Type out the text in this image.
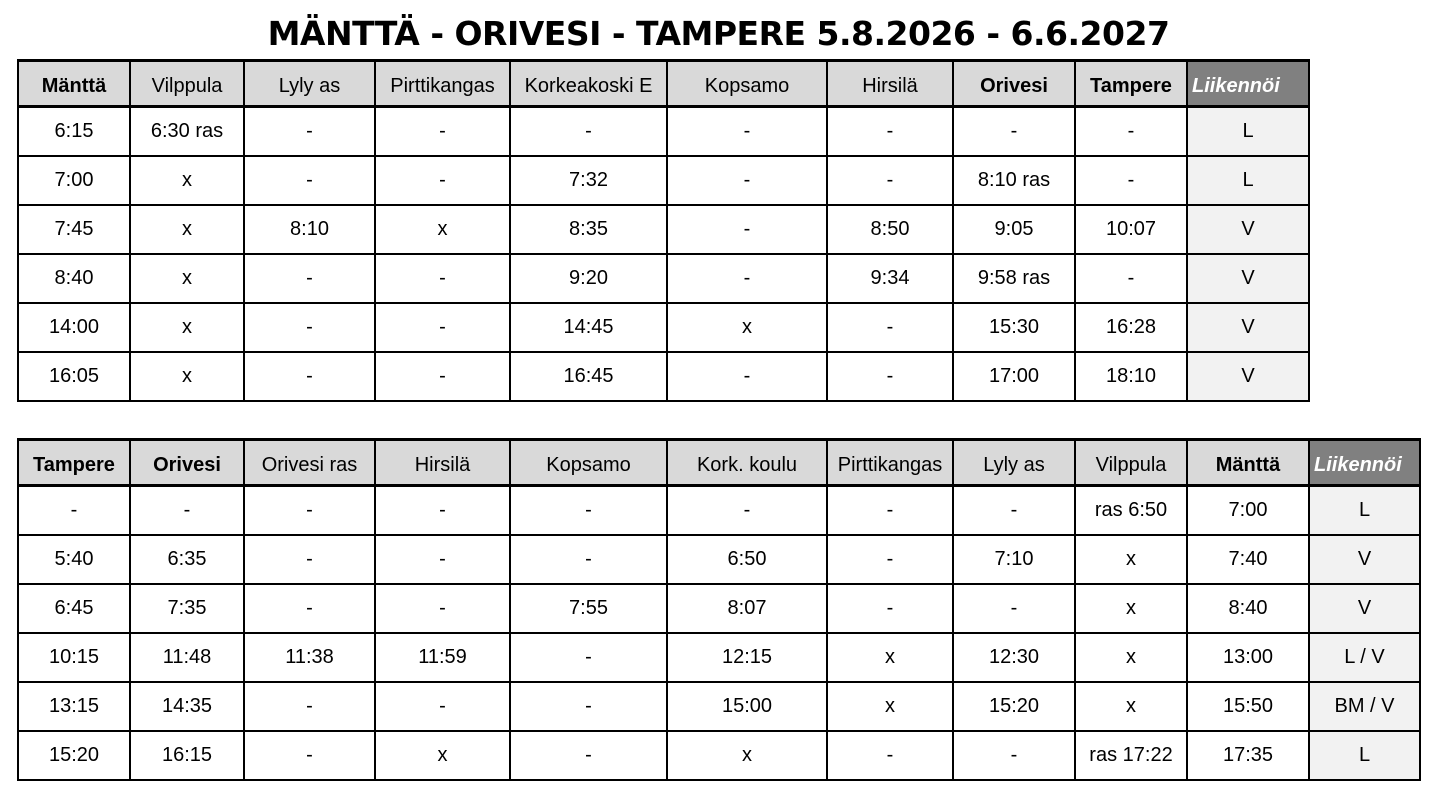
MÄNTTÄ - ORIVESI - TAMPERE 5.8.2026 - 6.6.2027
Mänttä	Vilppula	Lyly as	Pirttikangas	Korkeakoski E	Kopsamo	Hirsilä	Orivesi	Tampere	Liikennöi
6:15	6:30 ras	-	-	-	-	-	-	-	L
7:00	x	-	-	7:32	-	-	8:10 ras	-	L
7:45	x	8:10	x	8:35	-	8:50	9:05	10:07	V
8:40	x	-	-	9:20	-	9:34	9:58 ras	-	V
14:00	x	-	-	14:45	x	-	15:30	16:28	V
16:05	x	-	-	16:45	-	-	17:00	18:10	V
Tampere	Orivesi	Orivesi ras	Hirsilä	Kopsamo	Kork. koulu	Pirttikangas	Lyly as	Vilppula	Mänttä	Liikennöi
-	-	-	-	-	-	-	-	ras 6:50	7:00	L
5:40	6:35	-	-	-	6:50	-	7:10	x	7:40	V
6:45	7:35	-	-	7:55	8:07	-	-	x	8:40	V
10:15	11:48	11:38	11:59	-	12:15	x	12:30	x	13:00	L / V
13:15	14:35	-	-	-	15:00	x	15:20	x	15:50	BM / V
15:20	16:15	-	x	-	x	-	-	ras 17:22	17:35	L
